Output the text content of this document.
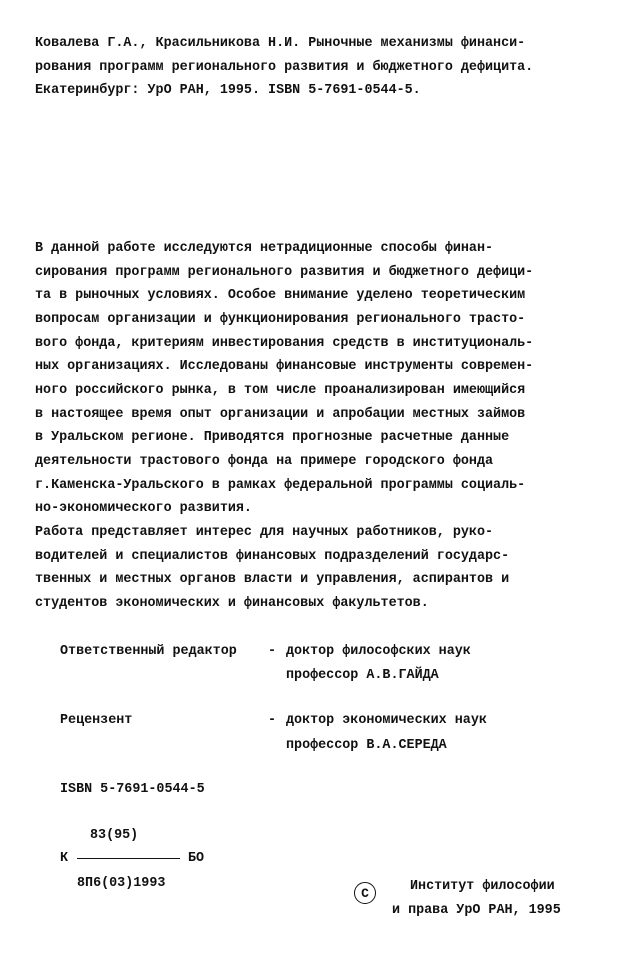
Ковалева Г.А., Красильникова Н.И. Рыночные механизмы финанси-
рования программ регионального развития и бюджетного дефицита.
Екатеринбург: УрО РАН, 1995. ISBN 5-7691-0544-5.
В данной работе исследуются нетрадиционные способы финан-
сирования программ регионального развития и бюджетного дефици-
та в рыночных условиях. Особое внимание уделено теоретическим
вопросам организации и функционирования регионального трасто-
вого фонда, критериям инвестирования средств в институциональ-
ных организациях. Исследованы финансовые инструменты современ-
ного российского рынка, в том числе проанализирован имеющийся
в настоящее время опыт организации и апробации местных займов
в Уральском регионе. Приводятся прогнозные расчетные данные
деятельности трастового фонда на примере городского фонда
г.Каменска-Уральского в рамках федеральной программы социаль-
но-экономического развития.
Работа представляет интерес для научных работников, руко-
водителей и специалистов финансовых подразделений государс-
твенных и местных органов власти и управления, аспирантов и
студентов экономических и финансовых факультетов.
Ответственный редактор - доктор философских наук
профессор А.В.ГАЙДА
Рецензент	- доктор экономических наук
профессор В.А.СЕРЕДА
ISBN 5-7691-0544-5
83(95)
К	БО
8П6(03)1993
C	Институт философии
и права УрО РАН, 1995
